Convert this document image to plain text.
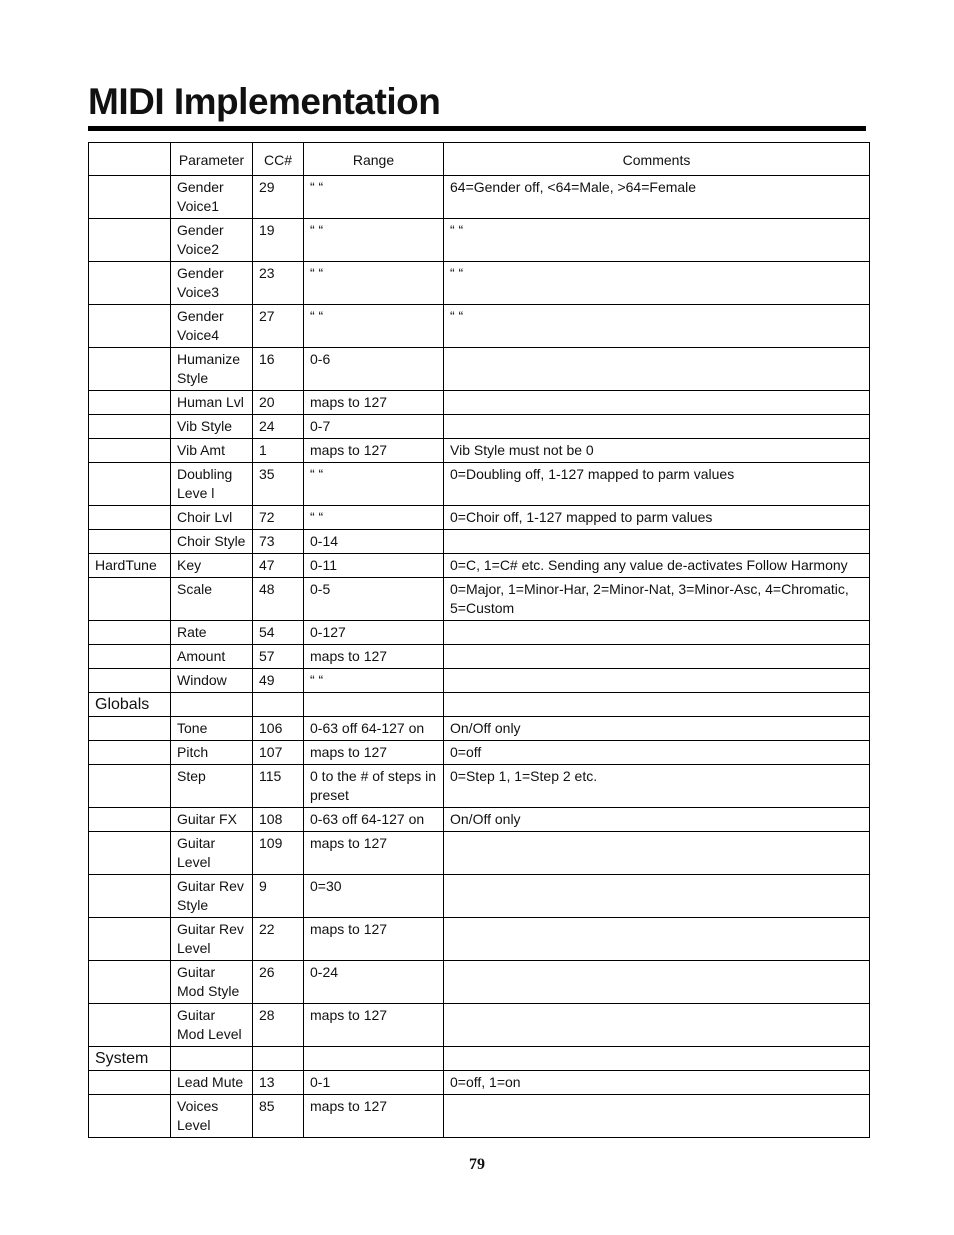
MIDI Implementation
	Parameter	CC#	Range	Comments
	Gender Voice1	29	“ “	64=Gender off, <64=Male, >64=Female
	Gender Voice2	19	“ “	“ “
	Gender Voice3	23	“ “	“ “
	Gender Voice4	27	“ “	“ “
	Humanize Style	16	0-6	
	Human Lvl	20	maps to 127	
	Vib Style	24	0-7	
	Vib Amt	1	maps to 127	Vib Style must not be 0
	Doubling Leve l	35	“ “	0=Doubling off, 1-127 mapped to parm values
	Choir Lvl	72	“ “	0=Choir off, 1-127 mapped to parm values
	Choir Style	73	0-14	
HardTune	Key	47	0-11	0=C, 1=C# etc. Sending any value de-activates Follow Harmony
	Scale	48	0-5	0=Major, 1=Minor-Har, 2=Minor-Nat, 3=Minor-Asc, 4=Chromatic, 5=Custom
	Rate	54	0-127	
	Amount	57	maps to 127	
	Window	49	“ “	
Globals				
	Tone	106	0-63 off 64-127 on	On/Off only
	Pitch	107	maps to 127	0=off
	Step	115	0 to the # of steps in preset	0=Step 1, 1=Step 2 etc.
	Guitar FX	108	0-63 off 64-127 on	On/Off only
	Guitar Level	109	maps to 127	
	Guitar Rev Style	9	0=30	
	Guitar Rev Level	22	maps to 127	
	Guitar Mod Style	26	0-24	
	Guitar Mod Level	28	maps to 127	
System				
	Lead Mute	13	0-1	0=off, 1=on
	Voices Level	85	maps to 127	
79
